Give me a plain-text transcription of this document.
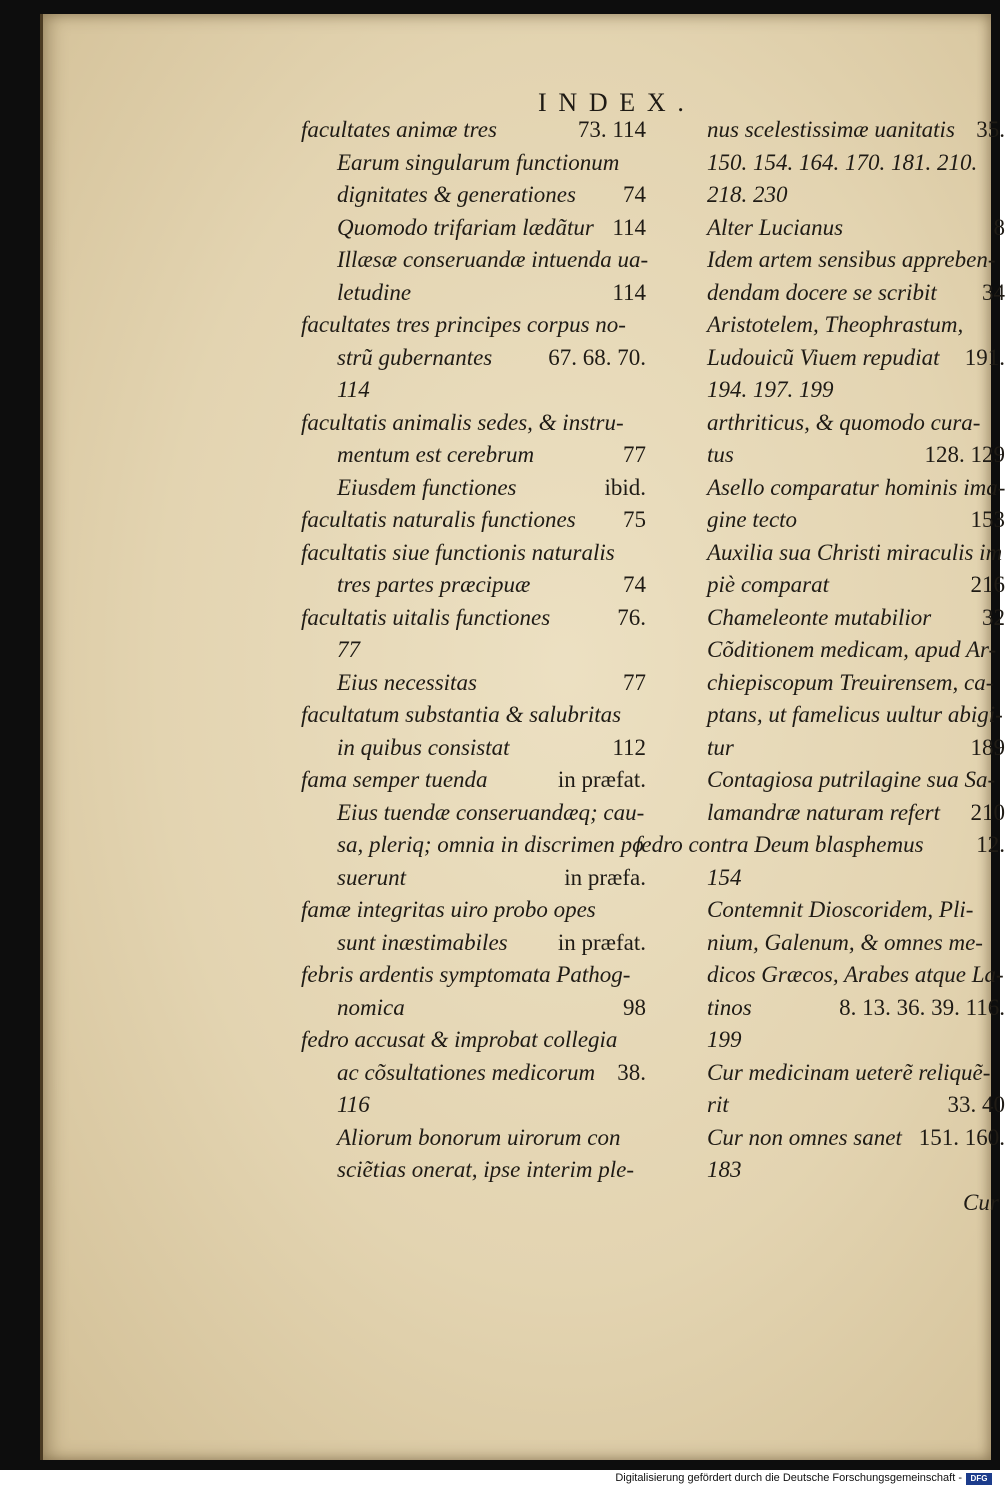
INDEX.
facultates animæ tres	73. 114
Earum singularum functionum
dignitates & generationes	74
Quomodo trifariam lædãtur 114
Illæsæ conseruandæ intuenda ua-
letudine	114
facultates tres principes corpus no-
strũ gubernantes	67. 68. 70.
114
facultatis animalis sedes, & instru-
mentum est cerebrum	77
Eiusdem functiones	ibid.
facultatis naturalis functiones	75
facultatis siue functionis naturalis
tres partes præcipuæ	74
facultatis uitalis functiones	76.
77
Eius necessitas	77
facultatum substantia & salubritas
in quibus consistat	112
fama semper tuenda	in præfat.
Eius tuendæ conseruandæq; cau-
sa, pleriq; omnia in discrimen po
suerunt	in præfa.
famæ integritas uiro probo opes
sunt inæstimabiles	in præfat.
febris ardentis symptomata Pathog-
nomica	98
fedro accusat & improbat collegia
ac cõsultationes medicorum 38.
116
Aliorum bonorum uirorum con
sciẽtias onerat, ipse interim ple-
nus scelestissimæ uanitatis 35.
150. 154. 164. 170. 181. 210.
218. 230
Alter Lucianus	8
Idem artem sensibus appreben-
dendam docere se scribit	34
Aristotelem, Theophrastum,
Ludouicũ Viuem repudiat	191.
194. 197. 199
arthriticus, & quomodo cura-
tus	128. 129
Asello comparatur hominis ima-
gine tecto	153
Auxilia sua Christi miraculis im
piè comparat	216
Chameleonte mutabilior	32
Cõditionem medicam, apud Ar-
chiepiscopum Treuirensem, ca-
ptans, ut famelicus uultur abigi-
tur	189
Contagiosa putrilagine sua Sa-
lamandræ naturam refert	210
fedro contra Deum blasphemus	12.
154
Contemnit Dioscoridem, Pli-
nium, Galenum, & omnes me-
dicos Græcos, Arabes atque La-
tinos	8. 13. 36. 39. 116.
199
Cur medicinam ueterẽ reliquẽ-
rit	33. 40
Cur non omnes sanet 151. 160.
183
Cur
Digitalisierung gefördert durch die Deutsche Forschungsgemeinschaft -	DFG
